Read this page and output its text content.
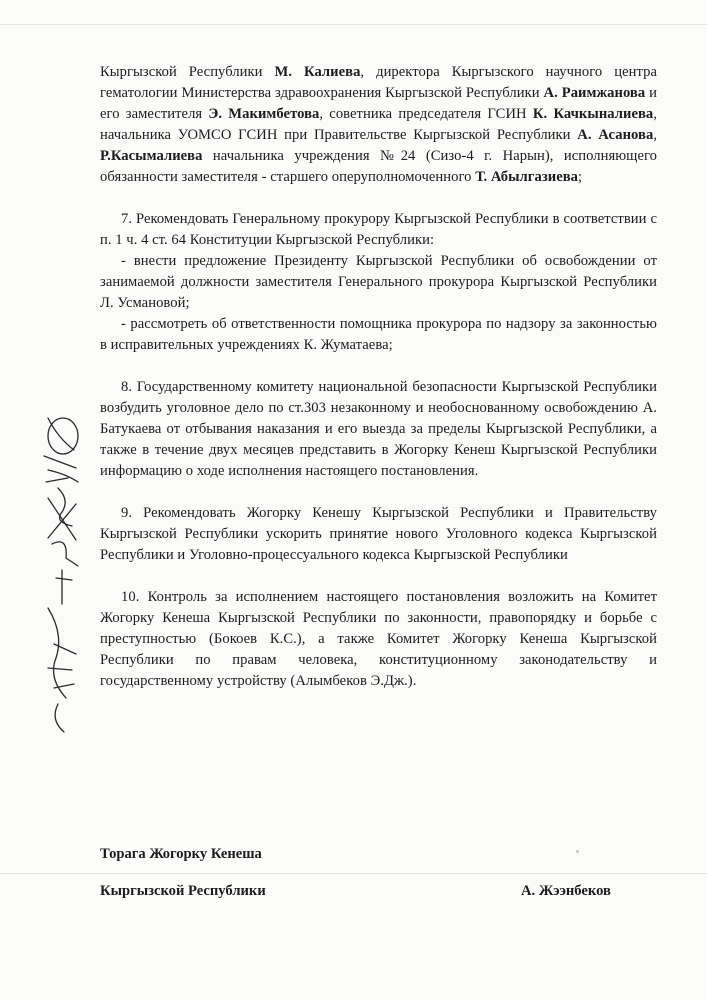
Кыргызской Республики М. Калиева, директора Кыргызского научного центра гематологии Министерства здравоохранения Кыргызской Республики А. Раимжанова и его заместителя Э. Макимбетова, советника председателя ГСИН К. Качкыналиева, начальника УОМСО ГСИН при Правительстве Кыргызской Республики А. Асанова, Р.Касымалиева начальника учреждения №24 (Сизо-4 г. Нарын), исполняющего обязанности заместителя - старшего оперуполномоченного Т. Абылгазиева;

7. Рекомендовать Генеральному прокурору Кыргызской Республики в соответствии с п. 1 ч. 4 ст. 64 Конституции Кыргызской Республики:

- внести предложение Президенту Кыргызской Республики об освобождении от занимаемой должности заместителя Генерального прокурора Кыргызской Республики Л. Усмановой;

- рассмотреть об ответственности помощника прокурора по надзору за законностью в исправительных учреждениях К. Жуматаева;

8. Государственному комитету национальной безопасности Кыргызской Республики возбудить уголовное дело по ст.303 незаконному и необоснованному освобождению А. Батукаева от отбывания наказания и его выезда за пределы Кыргызской Республики, а также в течение двух месяцев представить в Жогорку Кенеш Кыргызской Республики информацию о ходе исполнения настоящего постановления.

9. Рекомендовать Жогорку Кенешу Кыргызской Республики и Правительству Кыргызской Республики ускорить принятие нового Уголовного кодекса Кыргызской Республики и Уголовно-процессуального кодекса Кыргызской Республики

10. Контроль за исполнением настоящего постановления возложить на Комитет Жогорку Кенеша Кыргызской Республики по законности, правопорядку и борьбе с преступностью (Бокоев К.С.), а также Комитет Жогорку Кенеша Кыргызской Республики по правам человека, конституционному законодательству и государственному устройству (Алымбеков Э.Дж.).

Торага Жогорку Кенеша
Кыргызской Республики	А. Жээнбеков
